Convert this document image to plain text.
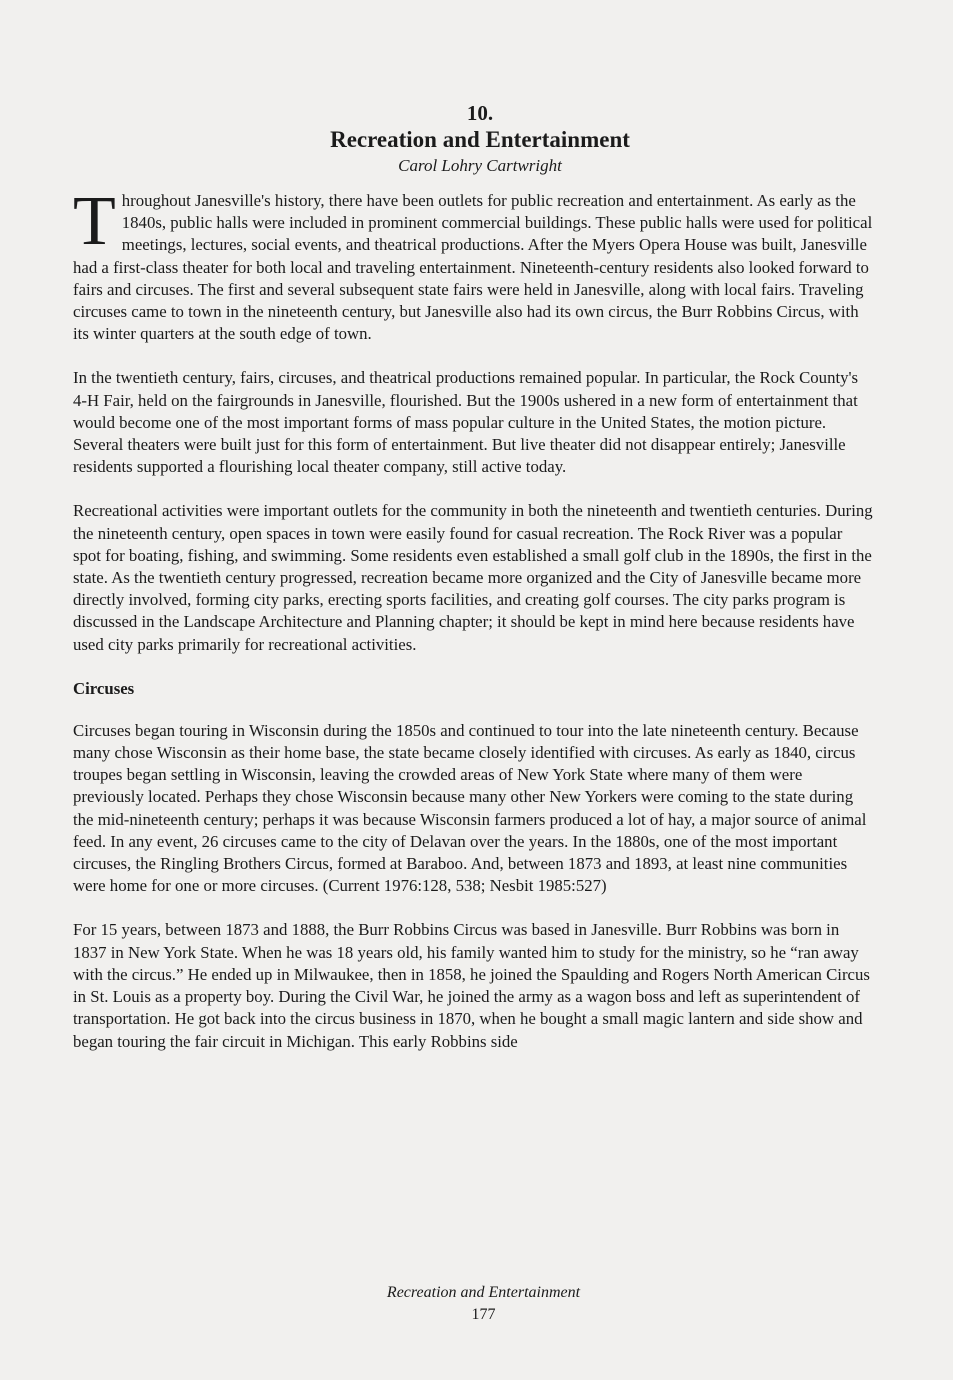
10.
Recreation and Entertainment
Carol Lohry Cartwright

Throughout Janesville's history, there have been outlets for public recreation and entertainment. As early as the 1840s, public halls were included in prominent commercial buildings. These public halls were used for political meetings, lectures, social events, and theatrical productions. After the Myers Opera House was built, Janesville had a first-class theater for both local and traveling entertainment. Nineteenth-century residents also looked forward to fairs and circuses. The first and several subsequent state fairs were held in Janesville, along with local fairs. Traveling circuses came to town in the nineteenth century, but Janesville also had its own circus, the Burr Robbins Circus, with its winter quarters at the south edge of town.

In the twentieth century, fairs, circuses, and theatrical productions remained popular. In particular, the Rock County's 4-H Fair, held on the fairgrounds in Janesville, flourished. But the 1900s ushered in a new form of entertainment that would become one of the most important forms of mass popular culture in the United States, the motion picture. Several theaters were built just for this form of entertainment. But live theater did not disappear entirely; Janesville residents supported a flourishing local theater company, still active today.

Recreational activities were important outlets for the community in both the nineteenth and twentieth centuries. During the nineteenth century, open spaces in town were easily found for casual recreation. The Rock River was a popular spot for boating, fishing, and swimming. Some residents even established a small golf club in the 1890s, the first in the state. As the twentieth century progressed, recreation became more organized and the City of Janesville became more directly involved, forming city parks, erecting sports facilities, and creating golf courses. The city parks program is discussed in the Landscape Architecture and Planning chapter; it should be kept in mind here because residents have used city parks primarily for recreational activities.

Circuses

Circuses began touring in Wisconsin during the 1850s and continued to tour into the late nineteenth century. Because many chose Wisconsin as their home base, the state became closely identified with circuses. As early as 1840, circus troupes began settling in Wisconsin, leaving the crowded areas of New York State where many of them were previously located. Perhaps they chose Wisconsin because many other New Yorkers were coming to the state during the mid-nineteenth century; perhaps it was because Wisconsin farmers produced a lot of hay, a major source of animal feed. In any event, 26 circuses came to the city of Delavan over the years. In the 1880s, one of the most important circuses, the Ringling Brothers Circus, formed at Baraboo. And, between 1873 and 1893, at least nine communities were home for one or more circuses. (Current 1976:128, 538; Nesbit 1985:527)

For 15 years, between 1873 and 1888, the Burr Robbins Circus was based in Janesville. Burr Robbins was born in 1837 in New York State. When he was 18 years old, his family wanted him to study for the ministry, so he “ran away with the circus.” He ended up in Milwaukee, then in 1858, he joined the Spaulding and Rogers North American Circus in St. Louis as a property boy. During the Civil War, he joined the army as a wagon boss and left as superintendent of transportation. He got back into the circus business in 1870, when he bought a small magic lantern and side show and began touring the fair circuit in Michigan. This early Robbins side

Recreation and Entertainment
177
